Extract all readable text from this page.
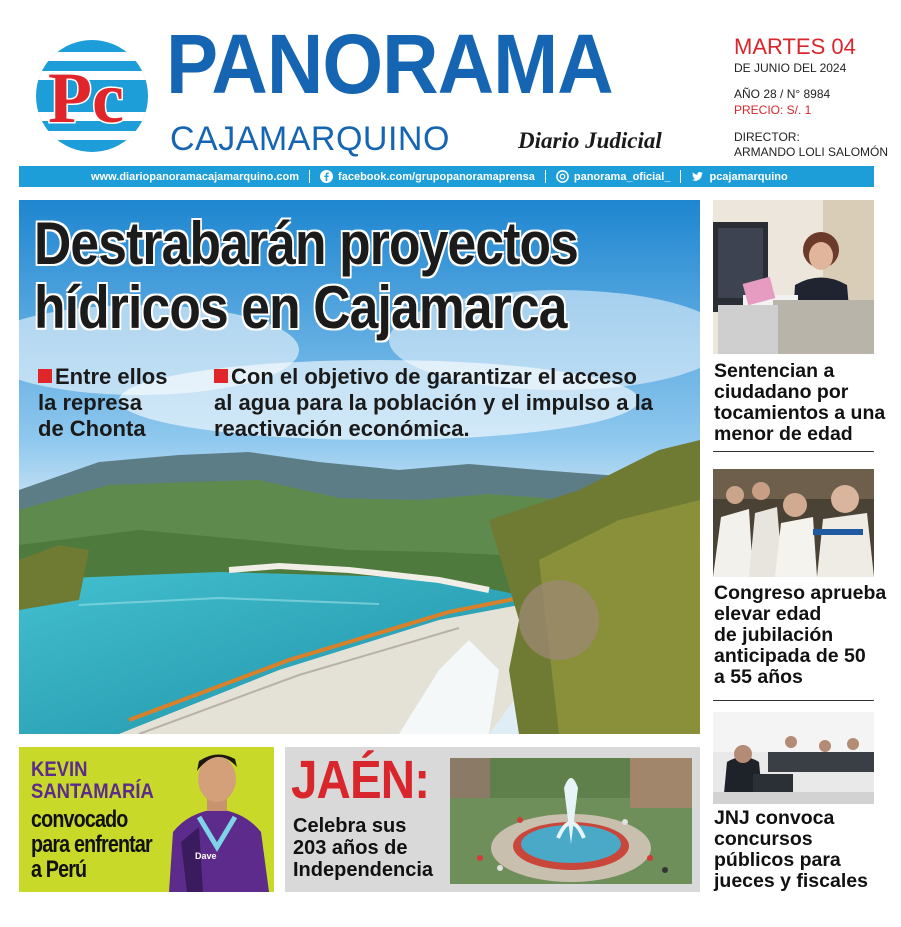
Pc PANORAMA
CAJAMARQUINO	Diario Judicial
MARTES 04
DE JUNIO DEL 2024
AÑO 28 / N° 8984
PRECIO: S/. 1
DIRECTOR:
ARMANDO LOLI SALOMÓN
www.diariopanoramacajamarquino.com	facebook.com/grupopanoramaprensa	panorama_oficial_	pcajamarquino
Destrabarán proyectos
hídricos en Cajamarca
Entre ellos
la represa
de Chonta
Con el objetivo de garantizar el acceso
al agua para la población y el impulso a la
reactivación económica.
Sentencian a
ciudadano por
tocamientos a una
menor de edad
Congreso aprueba
elevar edad
de jubilación
anticipada de 50
a 55 años
JNJ convoca
concursos
públicos para
jueces y fiscales
Dave
KEVIN
SANTAMARÍA
convocado
para enfrentar
a Perú
JAÉN:
Celebra sus
203 años de
Independencia
